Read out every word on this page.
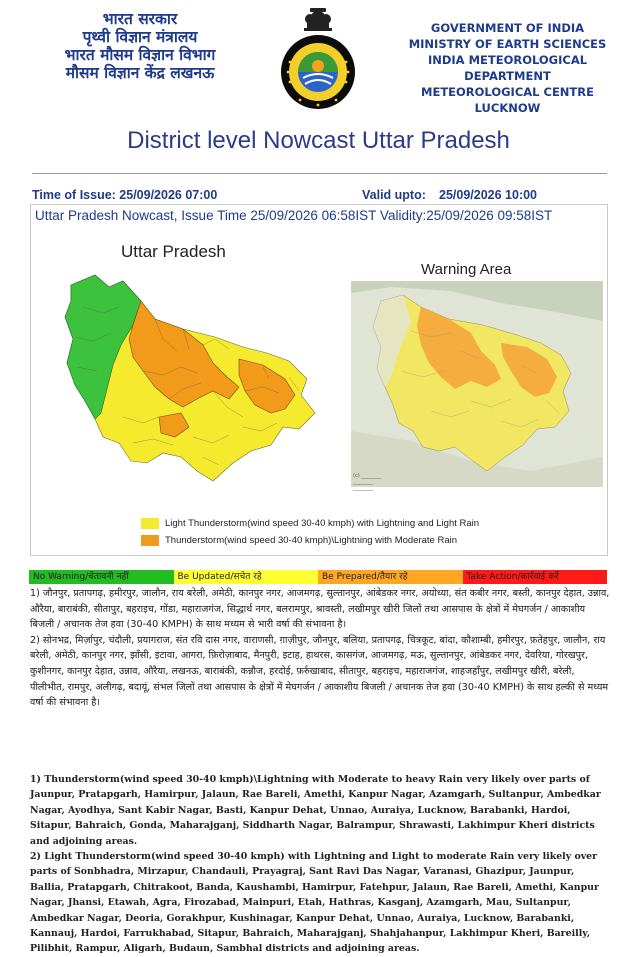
भारत सरकार
पृथ्वी विज्ञान मंत्रालय
भारत मौसम विज्ञान विभाग
मौसम विज्ञान केंद्र लखनऊ
GOVERNMENT OF INDIA
MINISTRY OF EARTH SCIENCES
INDIA METEOROLOGICAL DEPARTMENT
METEOROLOGICAL CENTRE LUCKNOW
District level Nowcast Uttar Pradesh
Time of Issue: 25/09/2026 07:00	Valid upto: 25/09/2026 10:00
Uttar Pradesh Nowcast, Issue Time 25/09/2026 06:58IST Validity:25/09/2026 09:58IST
Uttar Pradesh
Warning Area
.
.
.
.
.
(c) ________
________
________
Light Thunderstorm(wind speed 30-40 kmph) with Lightning and Light Rain
Thunderstorm(wind speed 30-40 kmph)\Lightning with Moderate Rain
No Warning/चेतावनी नहीं	Be Updated/सचेत रहे	Be Prepared/तैयार रहे	Take Action/कार्रवाई करें

1) जौनपुर, प्रतापगढ़, हमीरपुर, जालौन, राय बरेली, अमेठी, कानपुर नगर, आजमगढ़, सुल्तानपुर, आंबेडकर नगर, अयोध्या, संत कबीर नगर, बस्ती, कानपुर देहात, उन्नाव, औरैया, बाराबंकी, सीतापुर, बहराइच, गोंडा, महाराजगंज, सिद्धार्थ नगर, बलरामपुर, श्रावस्ती, लखीमपुर खीरी जिलों तथा आसपास के क्षेत्रों में मेघगर्जन / आकाशीय बिजली / अचानक तेज हवा (30-40 KMPH) के साथ मध्यम से भारी वर्षा की संभावना है।

2) सोनभद्र, मिर्ज़ापुर, चंदौली, प्रयागराज, संत रवि दास नगर, वाराणसी, ग़ाज़ीपुर, जौनपुर, बलिया, प्रतापगढ़, चित्रकूट, बांदा, कौशाम्बी, हमीरपुर, फ़तेहपुर, जालौन, राय बरेली, अमेठी, कानपुर नगर, झाँसी, इटावा, आगरा, फ़िरोज़ाबाद, मैनपुरी, इटाह, हाथरस, कासगंज, आजमगढ़, मऊ, सुल्तानपुर, आंबेडकर नगर, देवरिया, गोरखपुर, कुशीनगर, कानपुर देहात, उन्नाव, औरैया, लखनऊ, बाराबंकी, कन्नौज, हरदोई, फ़र्रुखाबाद, सीतापुर, बहराइच, महाराजगंज, शाहजहाँपुर, लखीमपुर खीरी, बरेली, पीलीभीत, रामपुर, अलीगढ़, बदायूं, संभल जिलों तथा आसपास के क्षेत्रों में मेघगर्जन / आकाशीय बिजली / अचानक तेज हवा (30-40 KMPH) के साथ हल्की से मध्यम वर्षा की संभावना है।

1) Thunderstorm(wind speed 30-40 kmph)\Lightning with Moderate to heavy Rain very likely over parts of Jaunpur, Pratapgarh, Hamirpur, Jalaun, Rae Bareli, Amethi, Kanpur Nagar, Azamgarh, Sultanpur, Ambedkar Nagar, Ayodhya, Sant Kabir Nagar, Basti, Kanpur Dehat, Unnao, Auraiya, Lucknow, Barabanki, Hardoi, Sitapur, Bahraich, Gonda, Maharajganj, Siddharth Nagar, Balrampur, Shrawasti, Lakhimpur Kheri districts and adjoining areas.

2) Light Thunderstorm(wind speed 30-40 kmph) with Lightning and Light to moderate Rain very likely over parts of Sonbhadra, Mirzapur, Chandauli, Prayagraj, Sant Ravi Das Nagar, Varanasi, Ghazipur, Jaunpur, Ballia, Pratapgarh, Chitrakoot, Banda, Kaushambi, Hamirpur, Fatehpur, Jalaun, Rae Bareli, Amethi, Kanpur Nagar, Jhansi, Etawah, Agra, Firozabad, Mainpuri, Etah, Hathras, Kasganj, Azamgarh, Mau, Sultanpur, Ambedkar Nagar, Deoria, Gorakhpur, Kushinagar, Kanpur Dehat, Unnao, Auraiya, Lucknow, Barabanki, Kannauj, Hardoi, Farrukhabad, Sitapur, Bahraich, Maharajganj, Shahjahanpur, Lakhimpur Kheri, Bareilly, Pilibhit, Rampur, Aligarh, Budaun, Sambhal districts and adjoining areas.
